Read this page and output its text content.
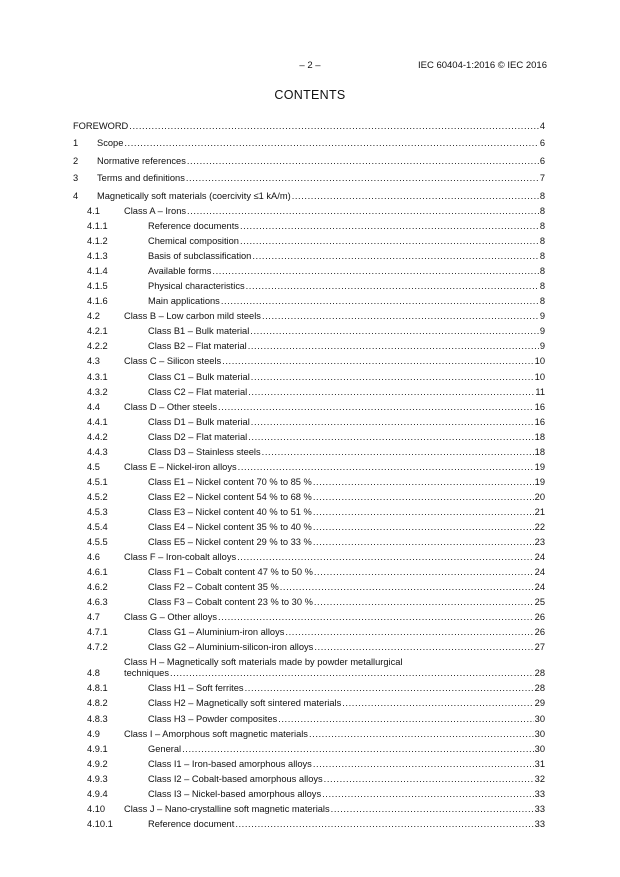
– 2 –	IEC 60404-1:2016 © IEC 2016
CONTENTS
FOREWORD .....	4
1	Scope .....	6
2	Normative references .....	6
3	Terms and definitions .....	7
4	Magnetically soft materials (coercivity ≤1 kA/m) .....	8
4.1	Class A – Irons .....	8
4.1.1	Reference documents .....	8
4.1.2	Chemical composition .....	8
4.1.3	Basis of subclassification .....	8
4.1.4	Available forms .....	8
4.1.5	Physical characteristics .....	8
4.1.6	Main applications .....	8
4.2	Class B – Low carbon mild steels .....	9
4.2.1	Class B1 – Bulk material .....	9
4.2.2	Class B2 – Flat material .....	9
4.3	Class C – Silicon steels .....	10
4.3.1	Class C1 – Bulk material .....	10
4.3.2	Class C2 – Flat material .....	11
4.4	Class D – Other steels .....	16
4.4.1	Class D1 – Bulk material .....	16
4.4.2	Class D2 – Flat material .....	18
4.4.3	Class D3 – Stainless steels .....	18
4.5	Class E – Nickel-iron alloys .....	19
4.5.1	Class E1 – Nickel content 70 % to 85 % .....	19
4.5.2	Class E2 – Nickel content 54 % to 68 % .....	20
4.5.3	Class E3 – Nickel content 40 % to 51 % .....	21
4.5.4	Class E4 – Nickel content 35 % to 40 % .....	22
4.5.5	Class E5 – Nickel content 29 % to 33 % .....	23
4.6	Class F – Iron-cobalt alloys .....	24
4.6.1	Class F1 – Cobalt content 47 % to 50 % .....	24
4.6.2	Class F2 – Cobalt content 35 % .....	24
4.6.3	Class F3 – Cobalt content 23 % to 30 % .....	25
4.7	Class G – Other alloys .....	26
4.7.1	Class G1 – Aluminium-iron alloys .....	26
4.7.2	Class G2 – Aluminium-silicon-iron alloys .....	27
4.8
Class H – Magnetically soft materials made by powder metallurgical
techniques .....	28
4.8.1	Class H1 – Soft ferrites .....	28
4.8.2	Class H2 – Magnetically soft sintered materials .....	29
4.8.3	Class H3 – Powder composites .....	30
4.9	Class I – Amorphous soft magnetic materials .....	30
4.9.1	General .....	30
4.9.2	Class I1 – Iron-based amorphous alloys .....	31
4.9.3	Class I2 – Cobalt-based amorphous alloys .....	32
4.9.4	Class I3 – Nickel-based amorphous alloys .....	33
4.10	Class J – Nano-crystalline soft magnetic materials .....	33
4.10.1	Reference document .....	33
